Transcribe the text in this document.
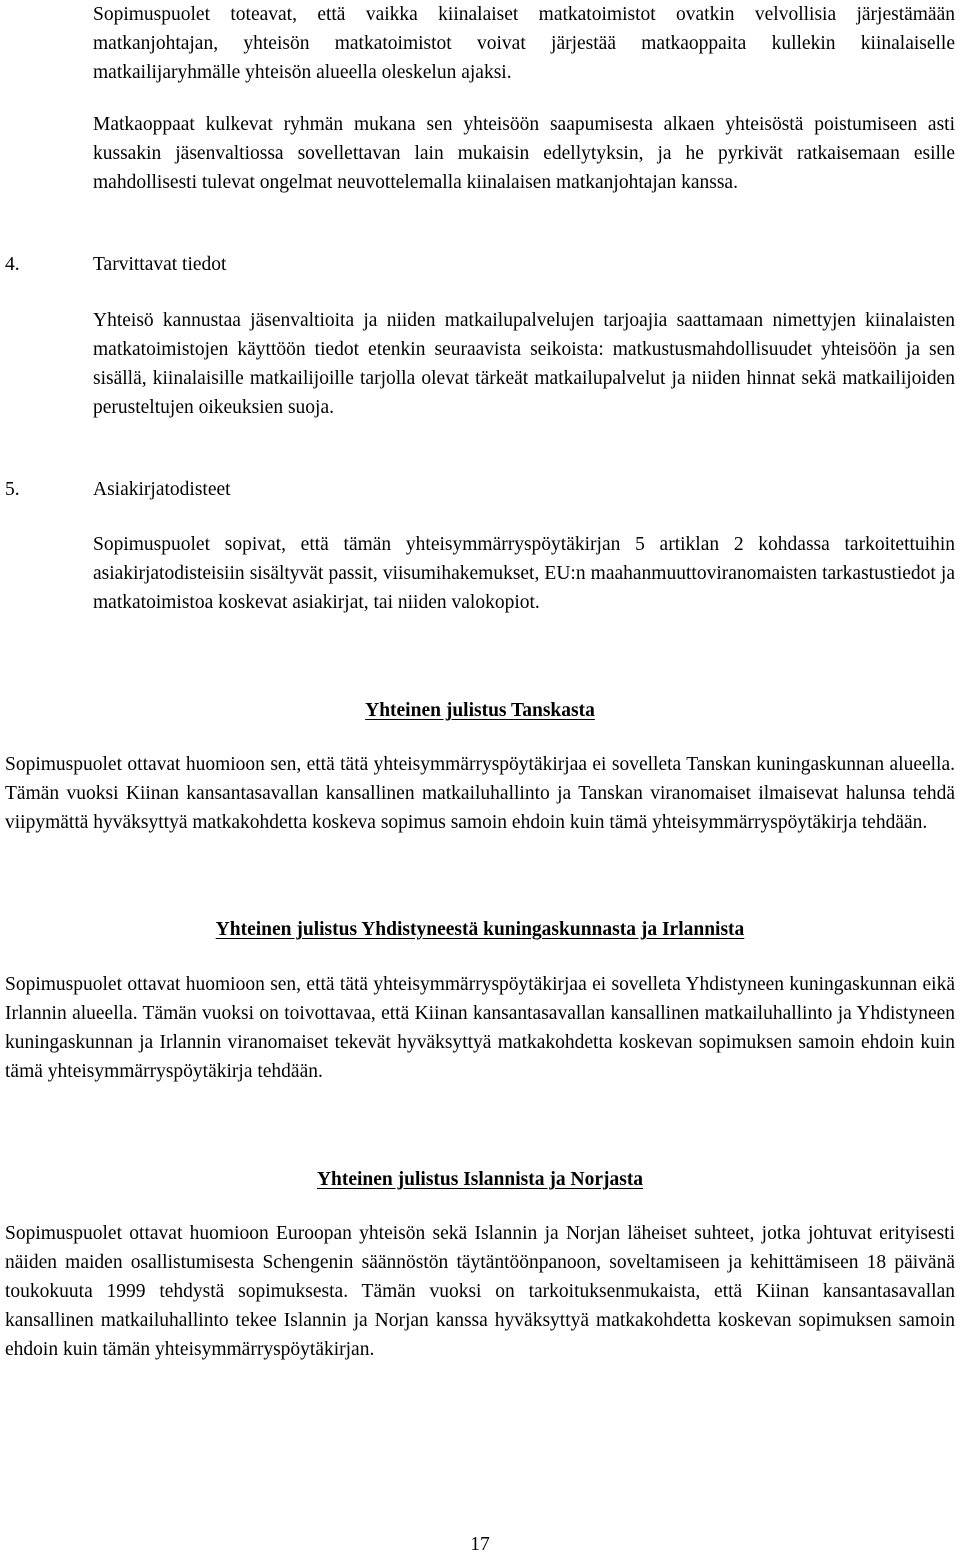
Sopimuspuolet toteavat, että vaikka kiinalaiset matkatoimistot ovatkin velvollisia järjestämään matkanjohtajan, yhteisön matkatoimistot voivat järjestää matkaoppaita kullekin kiinalaiselle matkailijaryhmälle yhteisön alueella oleskelun ajaksi.

Matkaoppaat kulkevat ryhmän mukana sen yhteisöön saapumisesta alkaen yhteisöstä poistumiseen asti kussakin jäsenvaltiossa sovellettavan lain mukaisin edellytyksin, ja he pyrkivät ratkaisemaan esille mahdollisesti tulevat ongelmat neuvottelemalla kiinalaisen matkanjohtajan kanssa.

4.	Tarvittavat tiedot

Yhteisö kannustaa jäsenvaltioita ja niiden matkailupalvelujen tarjoajia saattamaan nimettyjen kiinalaisten matkatoimistojen käyttöön tiedot etenkin seuraavista seikoista: matkustusmahdollisuudet yhteisöön ja sen sisällä, kiinalaisille matkailijoille tarjolla olevat tärkeät matkailupalvelut ja niiden hinnat sekä matkailijoiden perusteltujen oikeuksien suoja.

5.	Asiakirjatodisteet

Sopimuspuolet sopivat, että tämän yhteisymmärryspöytäkirjan 5 artiklan 2 kohdassa tarkoitettuihin asiakirjatodisteisiin sisältyvät passit, viisumihakemukset, EU:n maahanmuuttoviranomaisten tarkastustiedot ja matkatoimistoa koskevat asiakirjat, tai niiden valokopiot.

Yhteinen julistus Tanskasta

Sopimuspuolet ottavat huomioon sen, että tätä yhteisymmärryspöytäkirjaa ei sovelleta Tanskan kuningaskunnan alueella. Tämän vuoksi Kiinan kansantasavallan kansallinen matkailuhallinto ja Tanskan viranomaiset ilmaisevat halunsa tehdä viipymättä hyväksyttyä matkakohdetta koskeva sopimus samoin ehdoin kuin tämä yhteisymmärryspöytäkirja tehdään.

Yhteinen julistus Yhdistyneestä kuningaskunnasta ja Irlannista

Sopimuspuolet ottavat huomioon sen, että tätä yhteisymmärryspöytäkirjaa ei sovelleta Yhdistyneen kuningaskunnan eikä Irlannin alueella. Tämän vuoksi on toivottavaa, että Kiinan kansantasavallan kansallinen matkailuhallinto ja Yhdistyneen kuningaskunnan ja Irlannin viranomaiset tekevät hyväksyttyä matkakohdetta koskevan sopimuksen samoin ehdoin kuin tämä yhteisymmärryspöytäkirja tehdään.

Yhteinen julistus Islannista ja Norjasta

Sopimuspuolet ottavat huomioon Euroopan yhteisön sekä Islannin ja Norjan läheiset suhteet, jotka johtuvat erityisesti näiden maiden osallistumisesta Schengenin säännöstön täytäntöönpanoon, soveltamiseen ja kehittämiseen 18 päivänä toukokuuta 1999 tehdystä sopimuksesta. Tämän vuoksi on tarkoituksenmukaista, että Kiinan kansantasavallan kansallinen matkailuhallinto tekee Islannin ja Norjan kanssa hyväksyttyä matkakohdetta koskevan sopimuksen samoin ehdoin kuin tämän yhteisymmärryspöytäkirjan.

17
